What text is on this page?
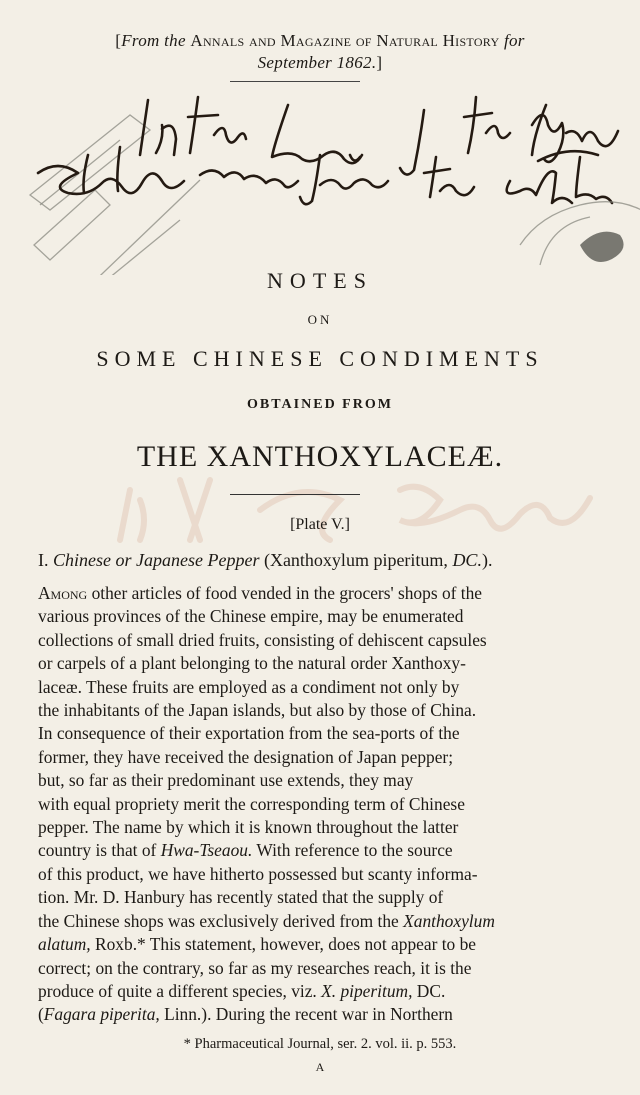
[From the Annals and Magazine of Natural History for
September 1862.]
NOTES
ON
SOME CHINESE CONDIMENTS
OBTAINED FROM
THE XANTHOXYLACEÆ.
[Plate V.]
I. Chinese or Japanese Pepper (Xanthoxylum piperitum, DC.).
Among other articles of food vended in the grocers' shops of the
various provinces of the Chinese empire, may be enumerated
collections of small dried fruits, consisting of dehiscent capsules
or carpels of a plant belonging to the natural order Xanthoxy-
laceæ. These fruits are employed as a condiment not only by
the inhabitants of the Japan islands, but also by those of China.
In consequence of their exportation from the sea-ports of the
former, they have received the designation of Japan pepper;
but, so far as their predominant use extends, they may
with equal propriety merit the corresponding term of Chinese
pepper. The name by which it is known throughout the latter
country is that of Hwa-Tseaou. With reference to the source
of this product, we have hitherto possessed but scanty informa-
tion. Mr. D. Hanbury has recently stated that the supply of
the Chinese shops was exclusively derived from the Xanthoxylum
alatum, Roxb.* This statement, however, does not appear to be
correct; on the contrary, so far as my researches reach, it is the
produce of quite a different species, viz. X. piperitum, DC.
(Fagara piperita, Linn.). During the recent war in Northern
* Pharmaceutical Journal, ser. 2. vol. ii. p. 553.
A
